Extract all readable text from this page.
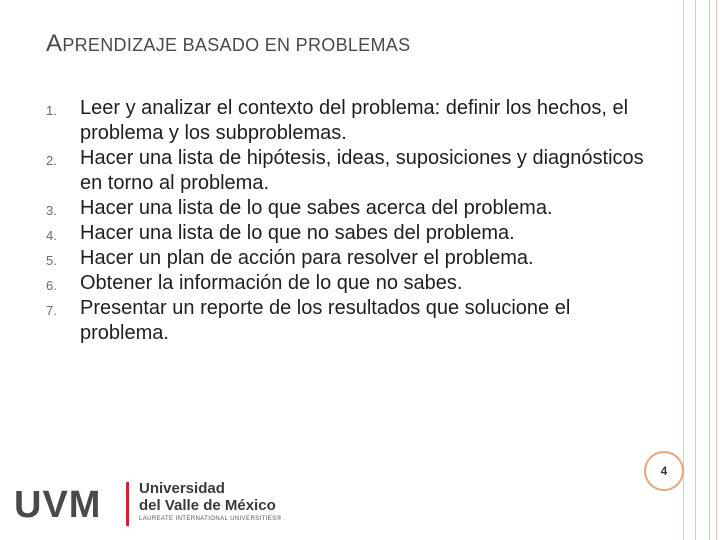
APRENDIZAJE BASADO EN PROBLEMAS
1. Leer y analizar el contexto del problema: definir los hechos, el problema y los subproblemas.
2. Hacer una lista de hipótesis, ideas, suposiciones y diagnósticos en torno al problema.
3. Hacer una lista de lo que sabes acerca del problema.
4. Hacer una lista de lo que no sabes del problema.
5. Hacer un plan de acción para resolver el problema.
6. Obtener la información de lo que no sabes.
7. Presentar un reporte de los resultados que solucione el problema.
4
UVM	Universidad
del Valle de México
LAUREATE INTERNATIONAL UNIVERSITIES®
